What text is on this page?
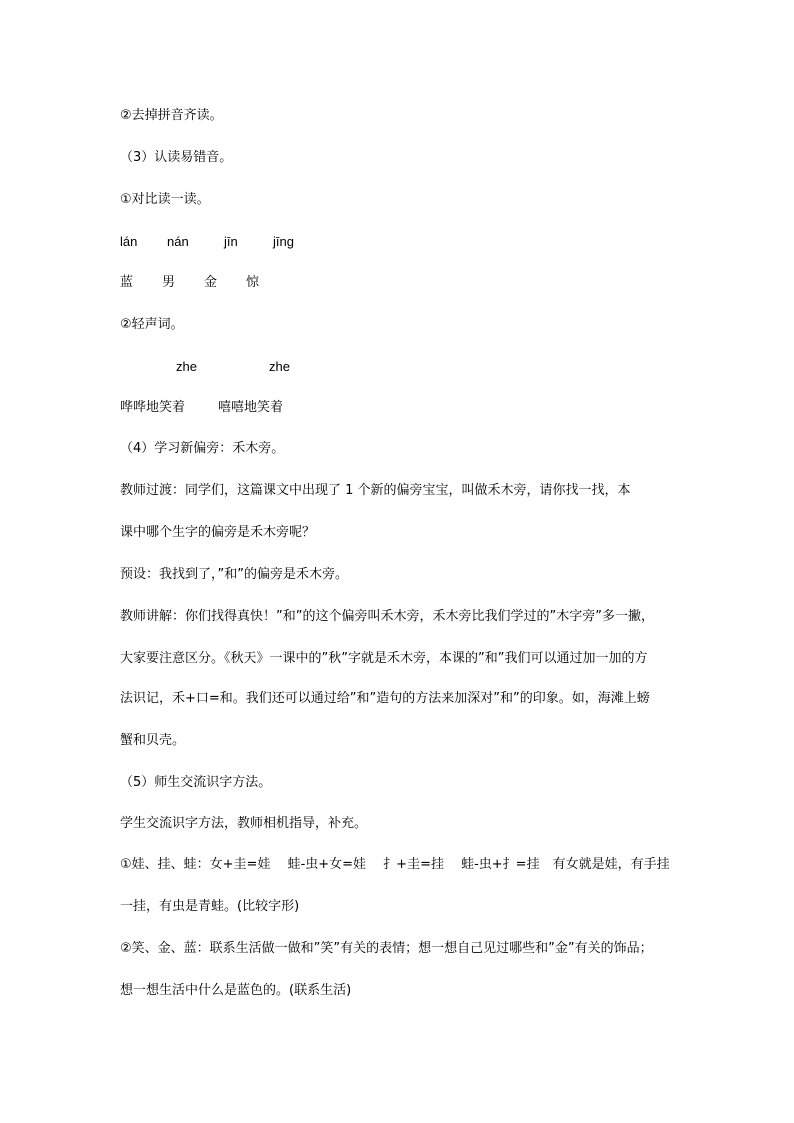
②去掉拼音齐读。
（3）认读易错音。
①对比读一读。
lán nán	jīn	jīng
蓝 男 金 惊
②轻声词。
zhe	zhe
哗哗地笑着	嘻嘻地笑着
（4）学习新偏旁：禾木旁。
教师过渡：同学们，这篇课文中出现了 1 个新的偏旁宝宝，叫做禾木旁，请你找一找，本
课中哪个生字的偏旁是禾木旁呢？
预设：我找到了，”和”的偏旁是禾木旁。
教师讲解：你们找得真快！”和”的这个偏旁叫禾木旁，禾木旁比我们学过的”木字旁”多一撇，
大家要注意区分。《秋天》一课中的”秋”字就是禾木旁，本课的”和”我们可以通过加一加的方
法识记，禾+口=和。我们还可以通过给”和”造句的方法来加深对”和”的印象。如，海滩上螃
蟹和贝壳。
（5）师生交流识字方法。
学生交流识字方法，教师相机指导，补充。
①娃、挂、蛙：女+圭=娃　 蛙-虫+女=娃　 扌+圭=挂　 蛙-虫+扌=挂　有女就是娃，有手挂
一挂，有虫是青蛙。(比较字形)
②笑、金、蓝：联系生活做一做和”笑”有关的表情；想一想自己见过哪些和”金”有关的饰品；
想一想生活中什么是蓝色的。(联系生活)
